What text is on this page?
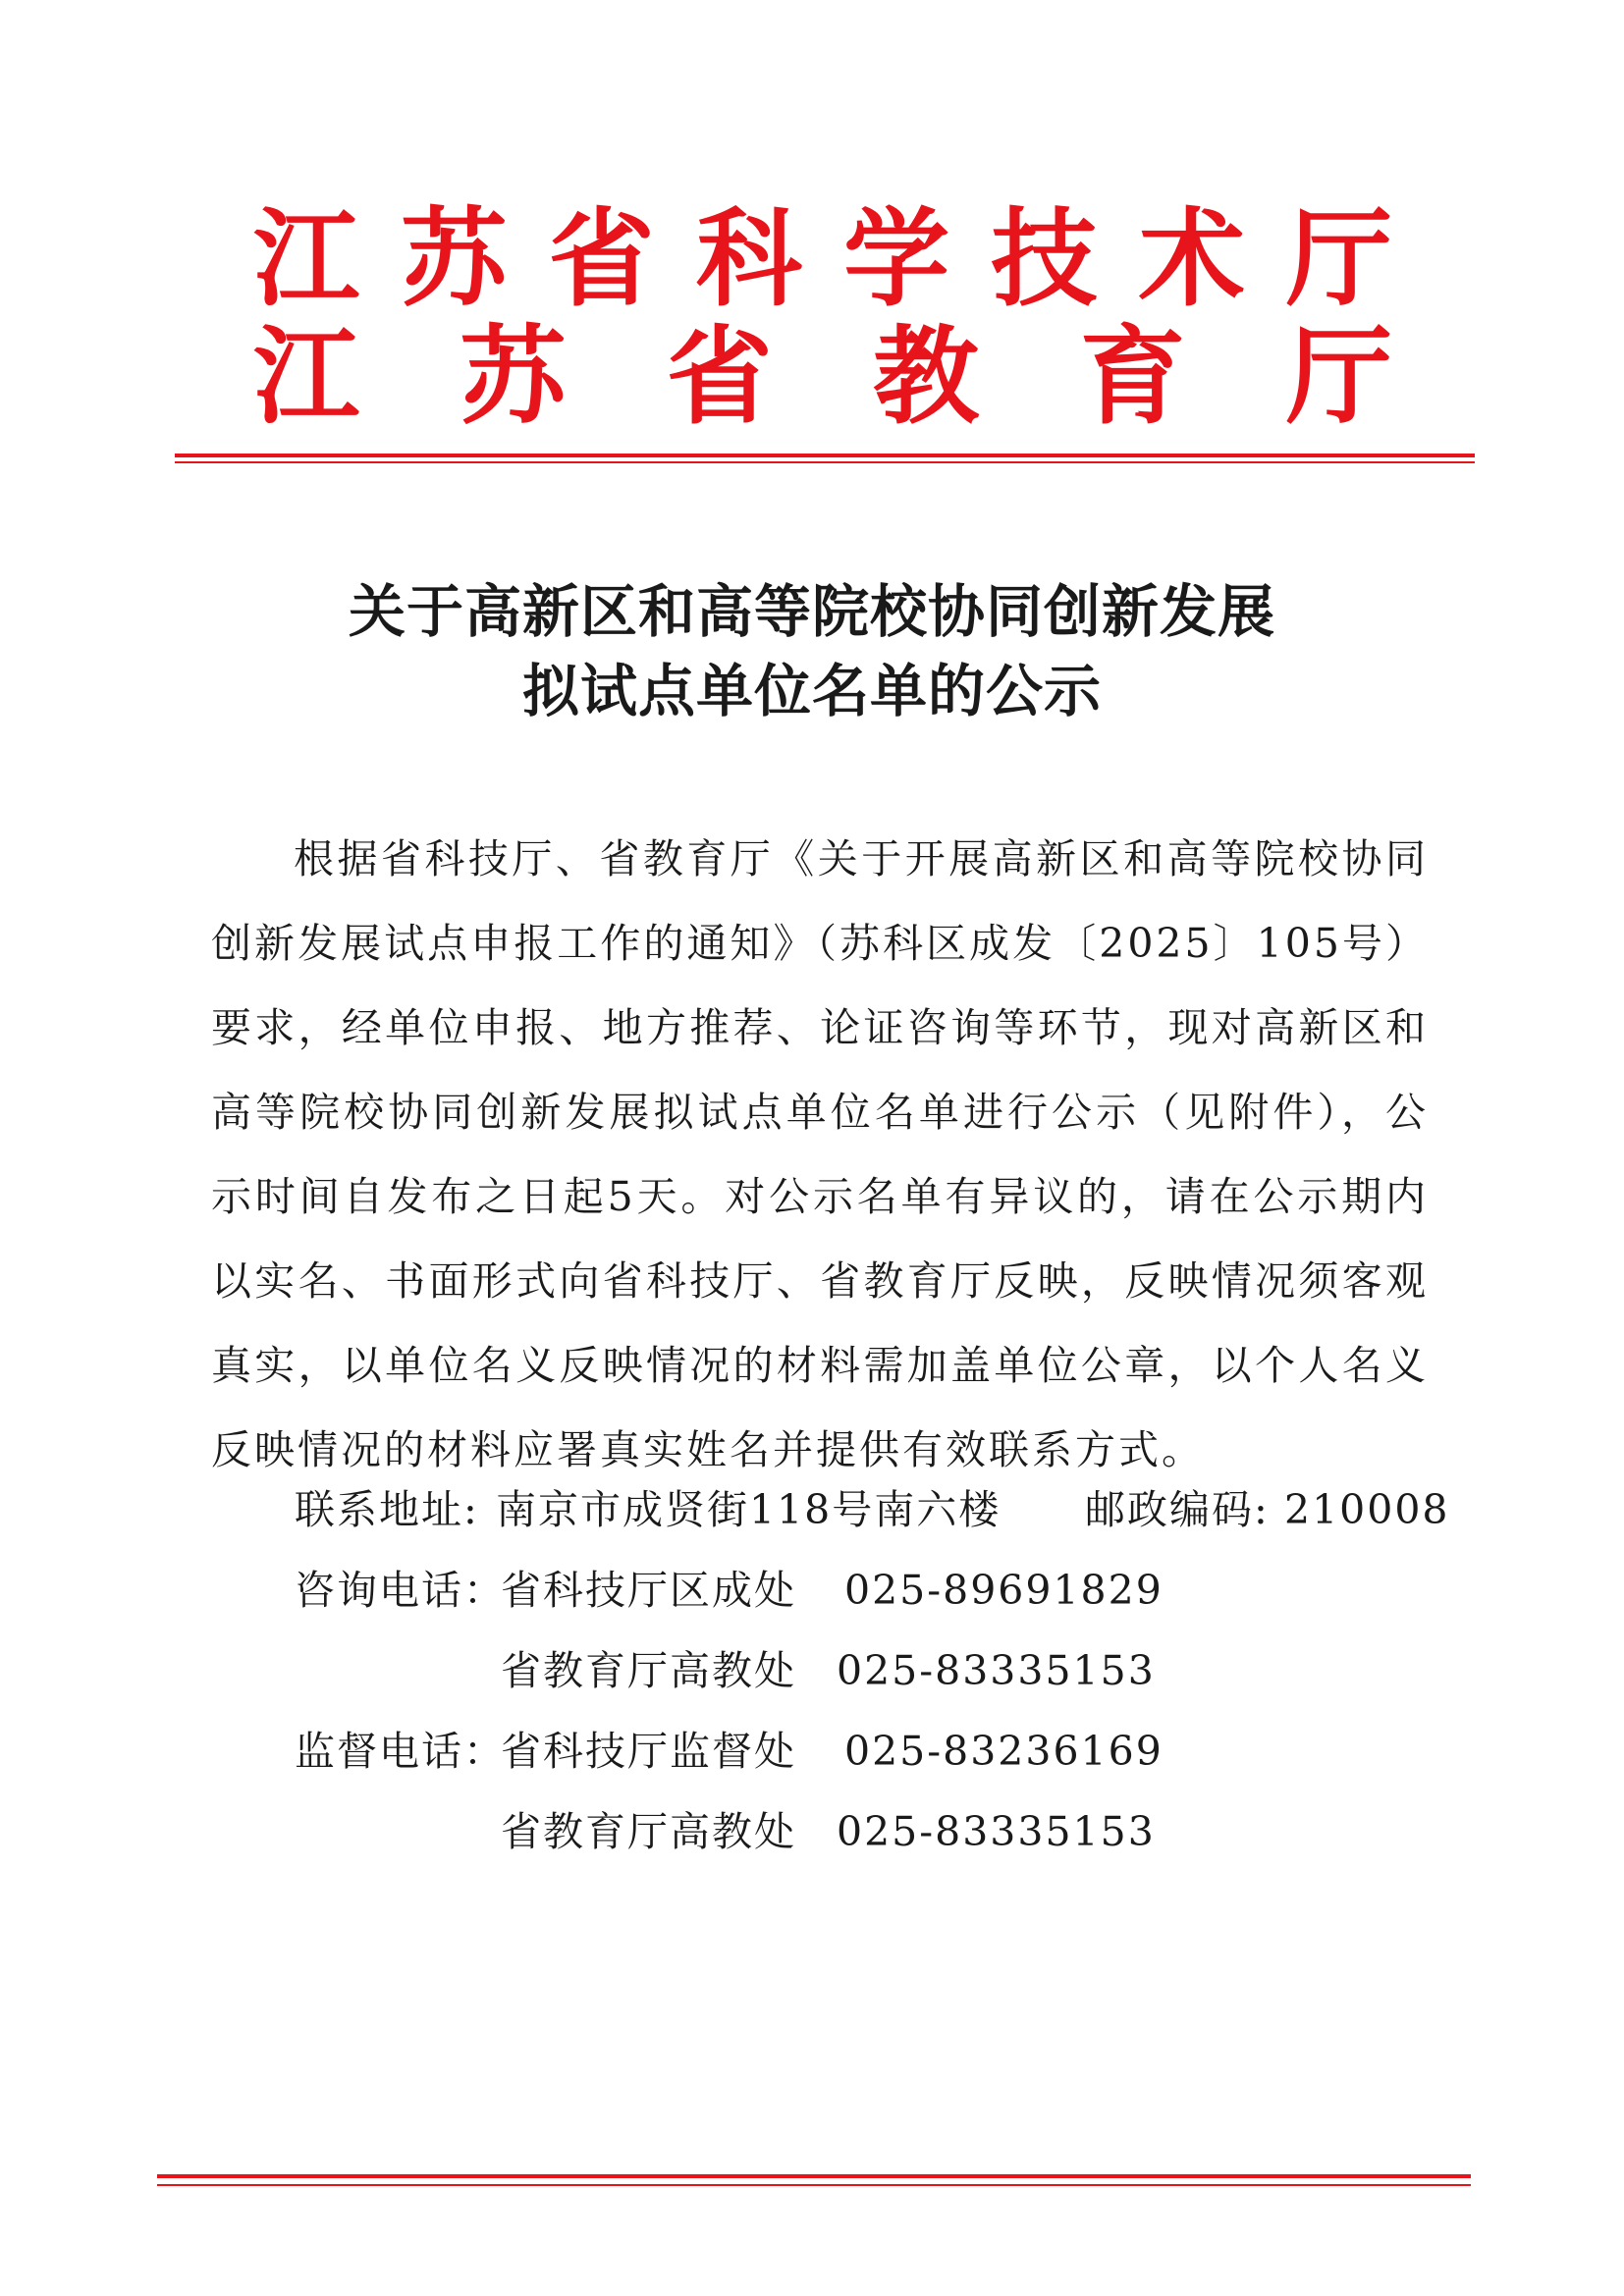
江 苏 省 科 学 技 术 厅
江 苏 省 教 育 厅
关于高新区和高等院校协同创新发展
拟试点单位名单的公示
根据省科技厅、省教育厅《关于开展高新区和高等院校协同创新发展试点申报工作的通知》（苏科区成发〔2025〕105号）要求，经单位申报、地方推荐、论证咨询等环节，现对高新区和高等院校协同创新发展拟试点单位名单进行公示（见附件），公示时间自发布之日起5天。对公示名单有异议的，请在公示期内以实名、书面形式向省科技厅、省教育厅反映，反映情况须客观真实，以单位名义反映情况的材料需加盖单位公章，以个人名义反映情况的材料应署真实姓名并提供有效联系方式。
联系地址: 南京市成贤街118号南六楼 邮政编码: 210008
咨询电话：
省科技厅区成处 025-89691829
省教育厅高教处 025-83335153
监督电话：
省科技厅监督处 025-83236169
省教育厅高教处 025-83335153
